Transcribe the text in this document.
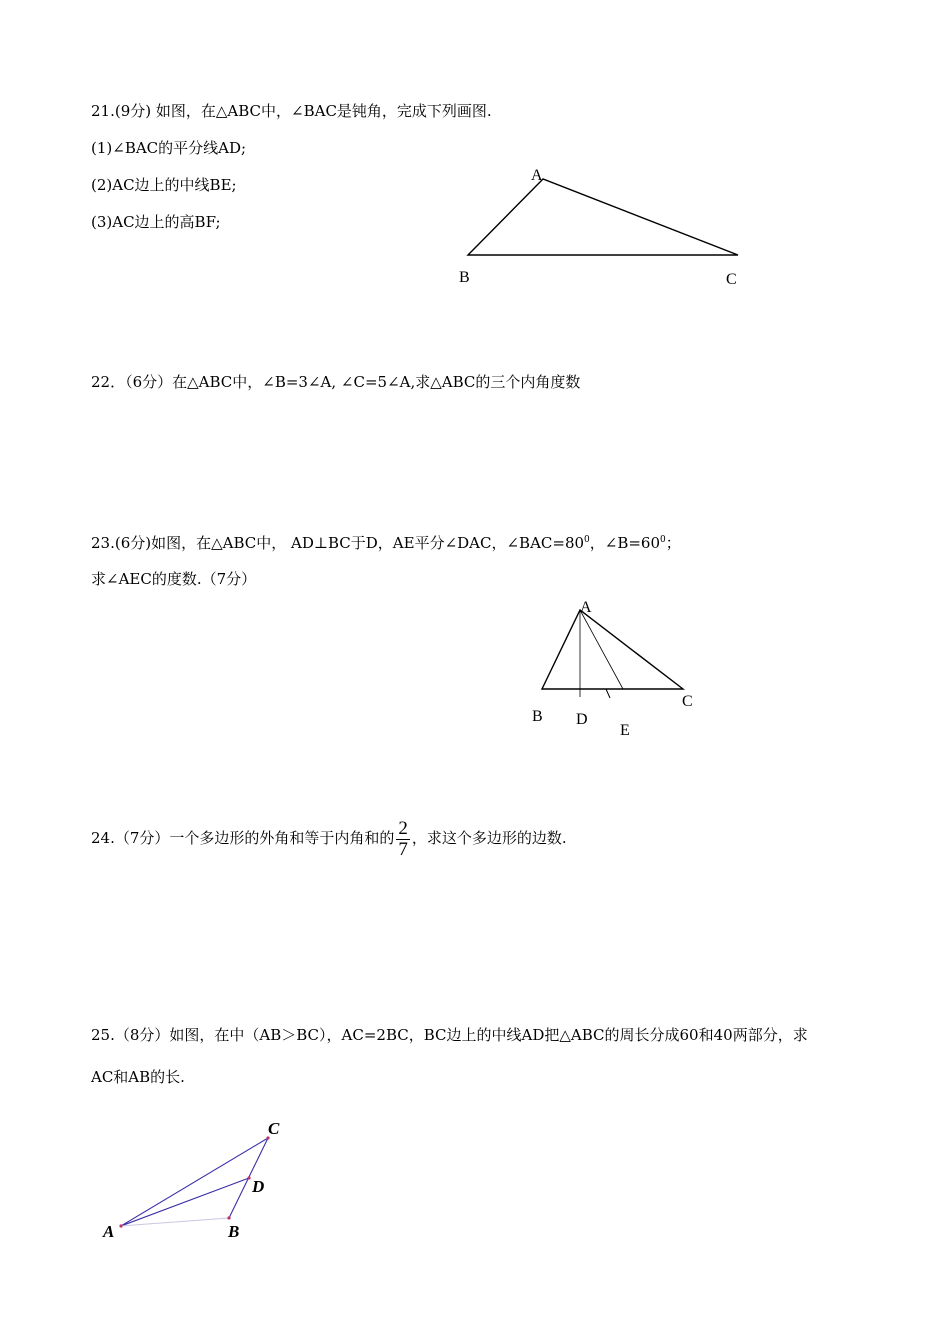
21.(9分) 如图，在△ABC中，∠BAC是钝角，完成下列画图.
(1)∠BAC的平分线AD;
(2)AC边上的中线BE;
(3)AC边上的高BF;
A
B	C
A
B D
E
C
C
D
A	B
22．（6分）在△ABC中，∠B=3∠A, ∠C=5∠A,求△ABC的三个内角度数
23.(6分)如图，在△ABC中， AD⊥BC于D，AE平分∠DAC，$\angle BAC=80^0$，$\angle B=60^0$；
求∠AEC的度数.（7分）
24.（7分）一个多边形的外角和等于内角和的 $\frac{2}{7}$ ，求这个多边形的边数.
25.（8分）如图，在中（AB＞BC），AC=2BC，BC边上的中线AD把△ABC的周长分成60和40两部分，求
AC和AB的长.
